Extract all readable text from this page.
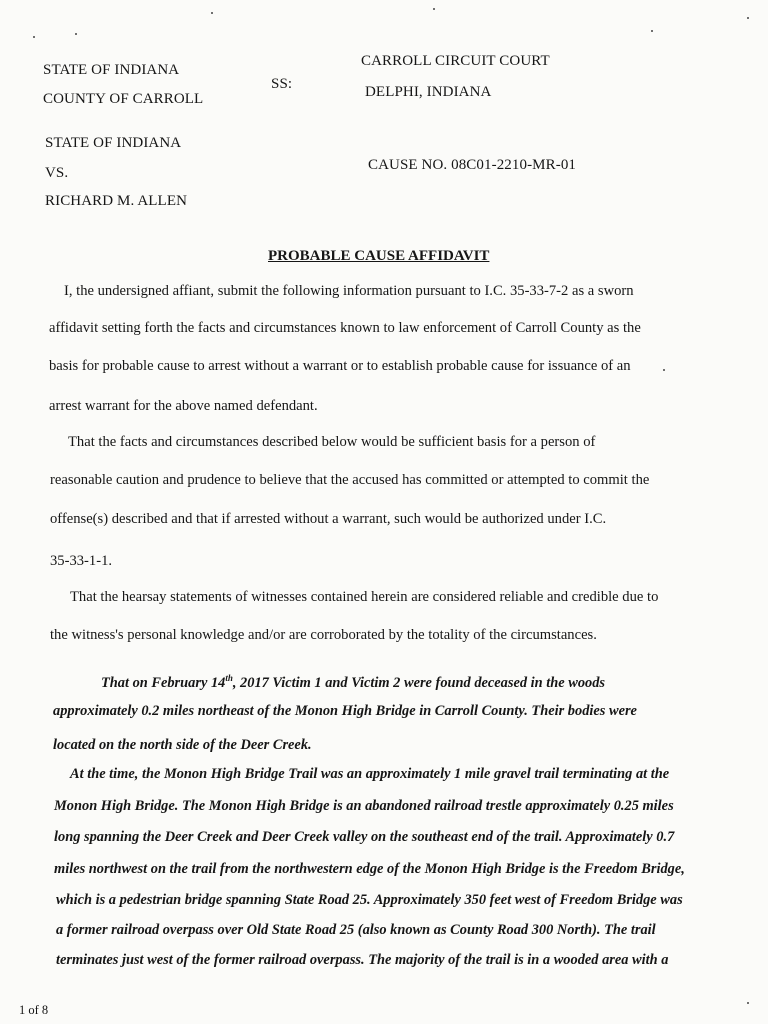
STATE OF INDIANA
COUNTY OF CARROLL
SS:
CARROLL CIRCUIT COURT
DELPHI, INDIANA
STATE OF INDIANA
VS.
RICHARD M. ALLEN
CAUSE NO. 08C01-2210-MR-01
PROBABLE CAUSE AFFIDAVIT
I, the undersigned affiant, submit the following information pursuant to I.C. 35-33-7-2 as a sworn
affidavit setting forth the facts and circumstances known to law enforcement of Carroll County as the
basis for probable cause to arrest without a warrant or to establish probable cause for issuance of an
arrest warrant for the above named defendant.
That the facts and circumstances described below would be sufficient basis for a person of
reasonable caution and prudence to believe that the accused has committed or attempted to commit the
offense(s) described and that if arrested without a warrant, such would be authorized under I.C.
35-33-1-1.
That the hearsay statements of witnesses contained herein are considered reliable and credible due to
the witness's personal knowledge and/or are corroborated by the totality of the circumstances.
That on February 14th, 2017 Victim 1 and Victim 2 were found deceased in the woods
approximately 0.2 miles northeast of the Monon High Bridge in Carroll County. Their bodies were
located on the north side of the Deer Creek.
At the time, the Monon High Bridge Trail was an approximately 1 mile gravel trail terminating at the
Monon High Bridge. The Monon High Bridge is an abandoned railroad trestle approximately 0.25 miles
long spanning the Deer Creek and Deer Creek valley on the southeast end of the trail. Approximately 0.7
miles northwest on the trail from the northwestern edge of the Monon High Bridge is the Freedom Bridge,
which is a pedestrian bridge spanning State Road 25. Approximately 350 feet west of Freedom Bridge was
a former railroad overpass over Old State Road 25 (also known as County Road 300 North). The trail
terminates just west of the former railroad overpass. The majority of the trail is in a wooded area with a
1 of 8
